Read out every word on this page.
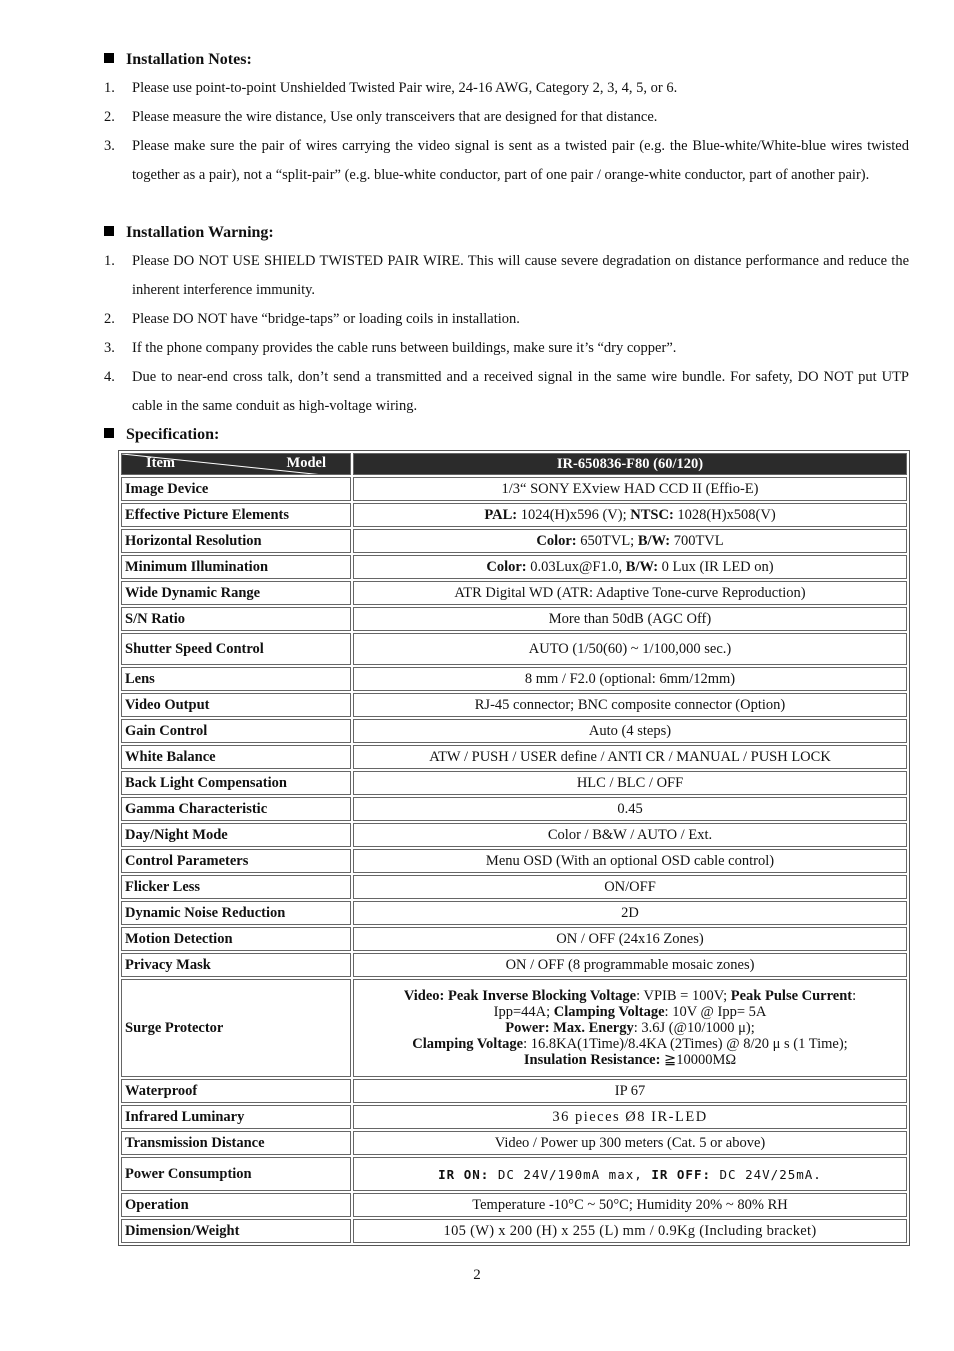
Installation Notes:
1. Please use point-to-point Unshielded Twisted Pair wire, 24-16 AWG, Category 2, 3, 4, 5, or 6.
2. Please measure the wire distance, Use only transceivers that are designed for that distance.
3. Please make sure the pair of wires carrying the video signal is sent as a twisted pair (e.g. the Blue-white/White-blue wires twisted together as a pair), not a “split-pair” (e.g. blue-white conductor, part of one pair / orange-white conductor, part of another pair).
Installation Warning:
1. Please DO NOT USE SHIELD TWISTED PAIR WIRE. This will cause severe degradation on distance performance and reduce the inherent interference immunity.
2. Please DO NOT have “bridge-taps” or loading coils in installation.
3. If the phone company provides the cable runs between buildings, make sure it’s “dry copper”.
4. Due to near-end cross talk, don’t send a transmitted and a received signal in the same wire bundle. For safety, DO NOT put UTP cable in the same conduit as high-voltage wiring.
Specification:
Item Model	IR-650836-F80 (60/120)
Image Device	1/3“ SONY EXview HAD CCD II (Effio-E)
Effective Picture Elements	PAL: 1024(H)x596 (V); NTSC: 1028(H)x508(V)
Horizontal Resolution	Color: 650TVL; B/W: 700TVL
Minimum Illumination	Color: 0.03Lux@F1.0, B/W: 0 Lux (IR LED on)
Wide Dynamic Range	ATR Digital WD (ATR: Adaptive Tone-curve Reproduction)
S/N Ratio	More than 50dB (AGC Off)
Shutter Speed Control	AUTO (1/50(60) ~ 1/100,000 sec.)
Lens	8 mm / F2.0 (optional: 6mm/12mm)
Video Output	RJ-45 connector; BNC composite connector (Option)
Gain Control	Auto (4 steps)
White Balance	ATW / PUSH / USER define / ANTI CR / MANUAL / PUSH LOCK
Back Light Compensation	HLC / BLC / OFF
Gamma Characteristic	0.45
Day/Night Mode	Color / B&W / AUTO / Ext.
Control Parameters	Menu OSD (With an optional OSD cable control)
Flicker Less	ON/OFF
Dynamic Noise Reduction	2D
Motion Detection	ON / OFF (24x16 Zones)
Privacy Mask	ON / OFF (8 programmable mosaic zones)
Surge Protector	Video: Peak Inverse Blocking Voltage: VPIB = 100V; Peak Pulse Current:
Ipp=44A; Clamping Voltage: 10V @ Ipp= 5A
Power: Max. Energy: 3.6J (@10/1000 μ);
Clamping Voltage: 16.8KA(1Time)/8.4KA (2Times) @ 8/20 μ s (1 Time);
Insulation Resistance: ≧10000MΩ

Waterproof	IP 67
Infrared Luminary	36 pieces Ø8 IR-LED
Transmission Distance	Video / Power up 300 meters (Cat. 5 or above)
Power Consumption	IR ON: DC 24V/190mA max, IR OFF: DC 24V/25mA.
Operation	Temperature -10°C ~ 50°C; Humidity 20% ~ 80% RH
Dimension/Weight	105 (W) x 200 (H) x 255 (L) mm / 0.9Kg (Including bracket)
2
